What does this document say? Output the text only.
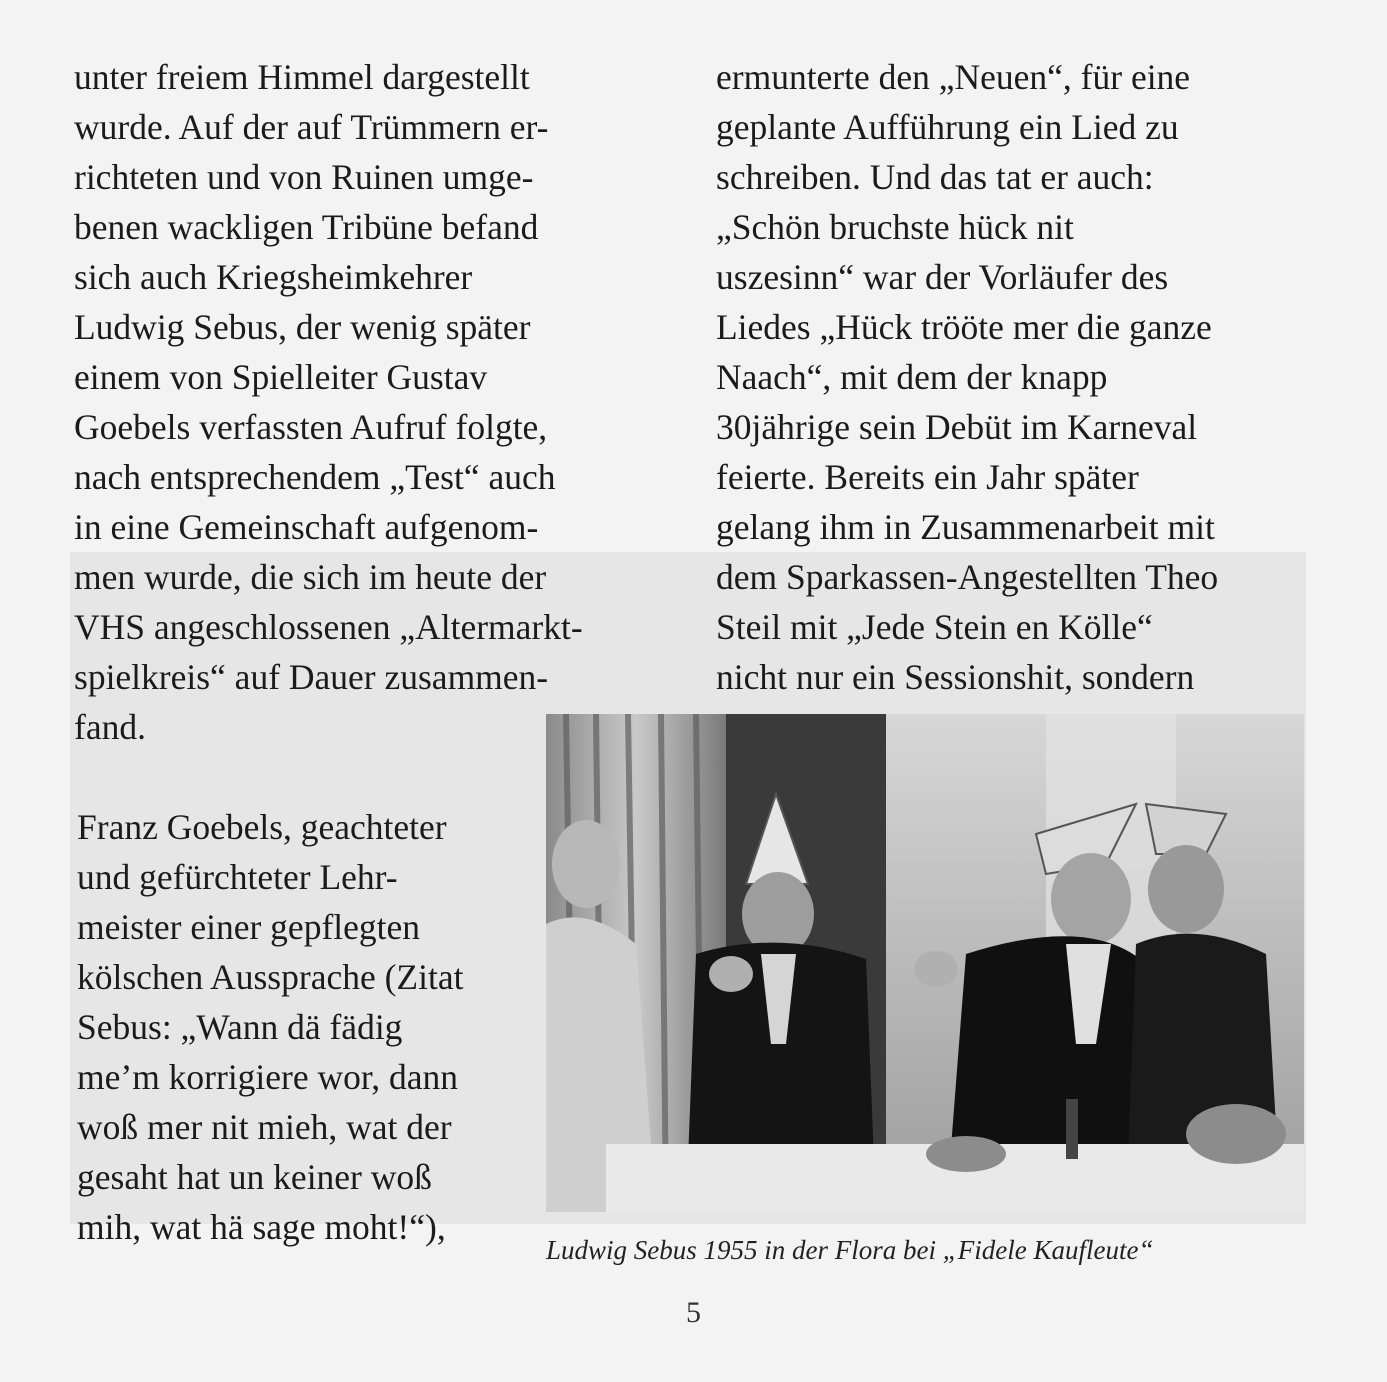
unter freiem Himmel dargestellt
wurde. Auf der auf Trümmern er-
richteten und von Ruinen umge-
benen wackligen Tribüne befand
sich auch Kriegsheimkehrer
Ludwig Sebus, der wenig später
einem von Spielleiter Gustav
Goebels verfassten Aufruf folgte,
nach entsprechendem „Test“ auch
in eine Gemeinschaft aufgenom-
men wurde, die sich im heute der
VHS angeschlossenen „Altermarkt-
spielkreis“ auf Dauer zusammen-
fand.
ermunterte den „Neuen“, für eine
geplante Aufführung ein Lied zu
schreiben. Und das tat er auch:
„Schön bruchste hück nit
uszesinn“ war der Vorläufer des
Liedes „Hück trööte mer die ganze
Naach“, mit dem der knapp
30jährige sein Debüt im Karneval
feierte. Bereits ein Jahr später
gelang ihm in Zusammenarbeit mit
dem Sparkassen-Angestellten Theo
Steil mit „Jede Stein en Kölle“
nicht nur ein Sessionshit, sondern
Franz Goebels, geachteter
und gefürchteter Lehr-
meister einer gepflegten
kölschen Aussprache (Zitat
Sebus: „Wann dä fädig
me’m korrigiere wor, dann
woß mer nit mieh, wat der
gesaht hat un keiner woß
mih, wat hä sage moht!“),
Ludwig Sebus 1955 in der Flora bei „Fidele Kaufleute“
5
